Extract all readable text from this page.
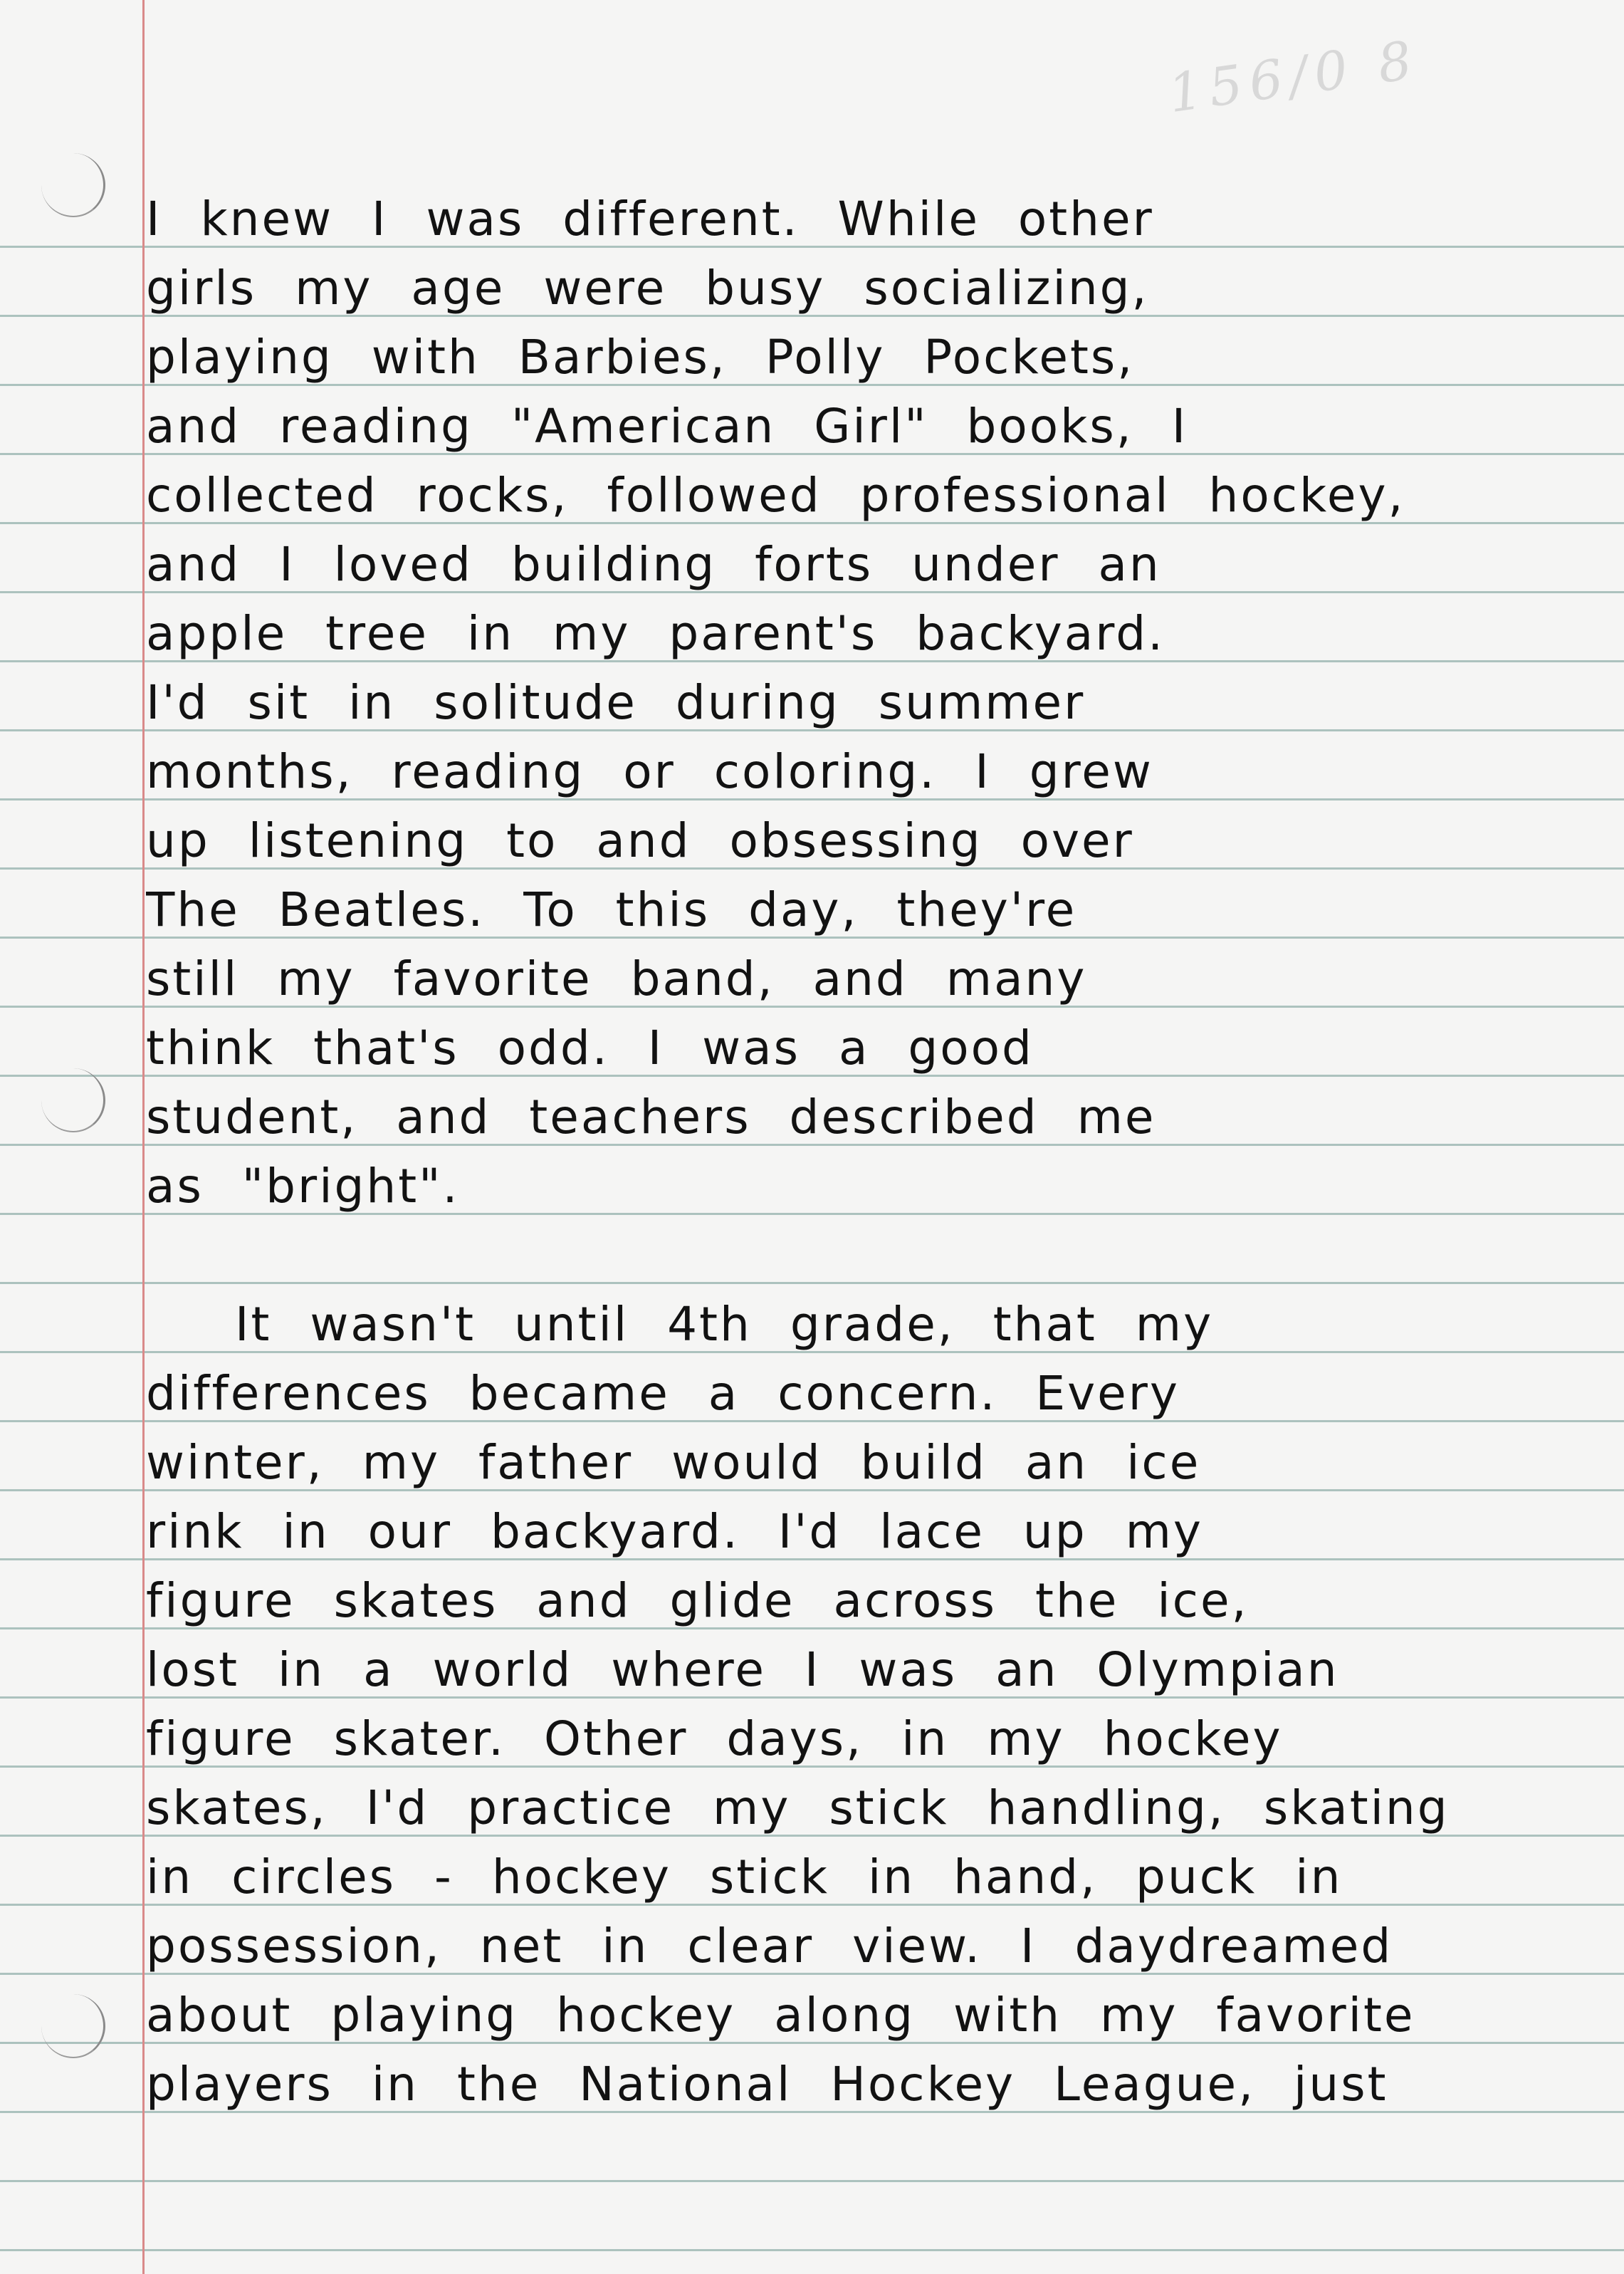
156/0 8
I knew I was different. While other
girls my age were busy socializing,
playing with Barbies, Polly Pockets,
and reading "American Girl" books, I
collected rocks, followed professional hockey,
and I loved building forts under an
apple tree in my parent's backyard.
I'd sit in solitude during summer
months, reading or coloring. I grew
up listening to and obsessing over
The Beatles. To this day, they're
still my favorite band, and many
think that's odd. I was a good
student, and teachers described me
as "bright".
It wasn't until 4th grade, that my
differences became a concern. Every
winter, my father would build an ice
rink in our backyard. I'd lace up my
figure skates and glide across the ice,
lost in a world where I was an Olympian
figure skater. Other days, in my hockey
skates, I'd practice my stick handling, skating
in circles - hockey stick in hand, puck in
possession, net in clear view. I daydreamed
about playing hockey along with my favorite
players in the National Hockey League, just
